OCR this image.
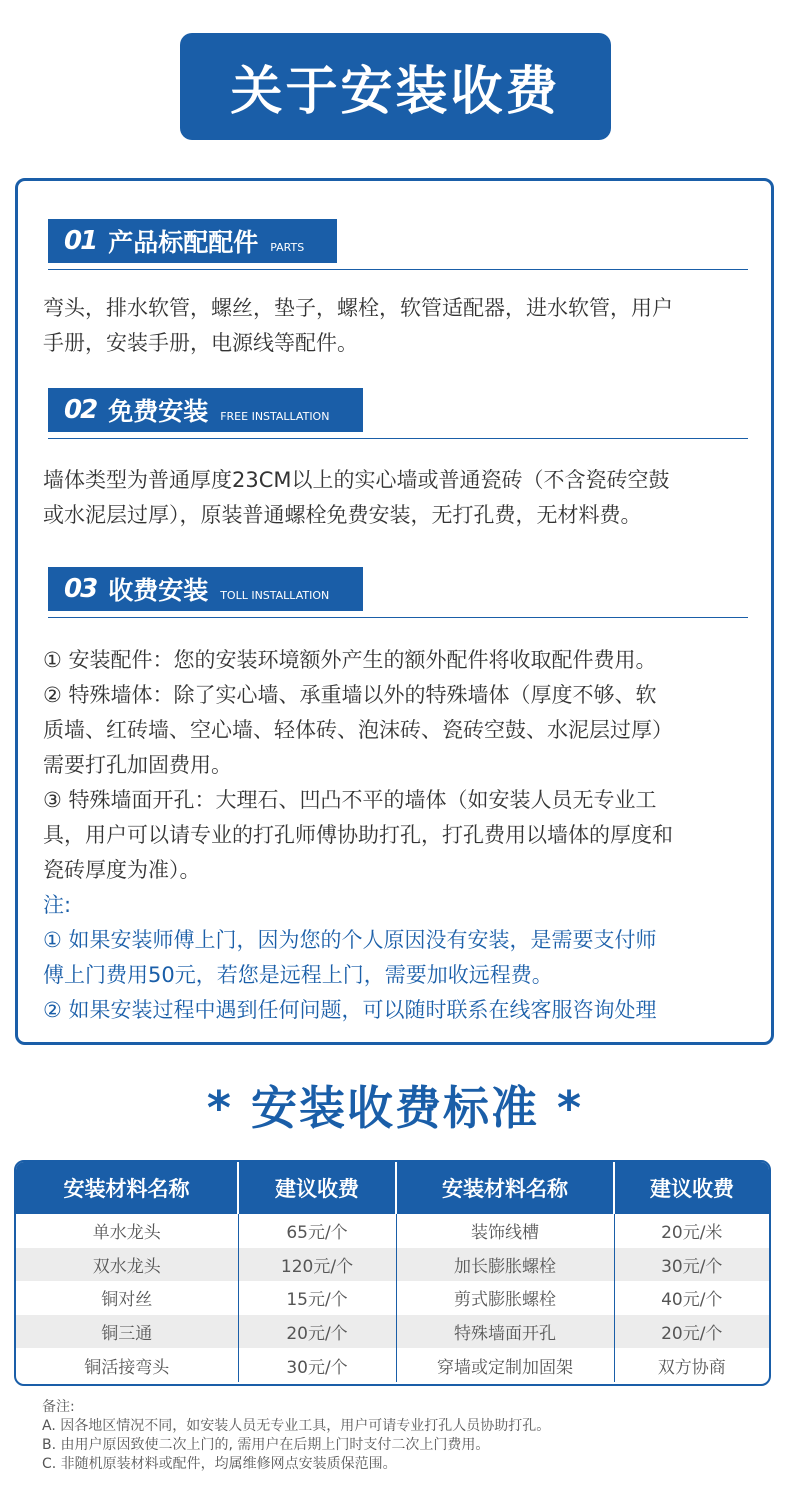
关于安装收费
01 产品标配配件 PARTS

弯头，排水软管，螺丝，垫子，螺栓，软管适配器，进水软管，用户

手册，安装手册，电源线等配件。

02 免费安装 FREE INSTALLATION

墙体类型为普通厚度23CM以上的实心墙或普通瓷砖（不含瓷砖空鼓

或水泥层过厚），原装普通螺栓免费安装，无打孔费，无材料费。

03 收费安装 TOLL INSTALLATION

① 安装配件：您的安装环境额外产生的额外配件将收取配件费用。

② 特殊墙体：除了实心墙、承重墙以外的特殊墙体（厚度不够、软

质墙、红砖墙、空心墙、轻体砖、泡沫砖、瓷砖空鼓、水泥层过厚）

需要打孔加固费用。

③ 特殊墙面开孔：大理石、凹凸不平的墙体（如安装人员无专业工

具，用户可以请专业的打孔师傅协助打孔，打孔费用以墙体的厚度和

瓷砖厚度为准）。

注:

① 如果安装师傅上门，因为您的个人原因没有安装，是需要支付师

傅上门费用50元，若您是远程上门，需要加收远程费。

② 如果安装过程中遇到任何问题，可以随时联系在线客服咨询处理

* 安装收费标准 *
安装材料名称	建议收费	安装材料名称	建议收费
单水龙头	65元/个	装饰线槽	20元/米
双水龙头	120元/个	加长膨胀螺栓	30元/个
铜对丝	15元/个	剪式膨胀螺栓	40元/个
铜三通	20元/个	特殊墙面开孔	20元/个
铜活接弯头	30元/个	穿墙或定制加固架	双方协商

备注:

A. 因各地区情况不同，如安装人员无专业工具，用户可请专业打孔人员协助打孔。

B. 由用户原因致使二次上门的, 需用户在后期上门时支付二次上门费用。

C. 非随机原装材料或配件，均属维修网点安装质保范围。
